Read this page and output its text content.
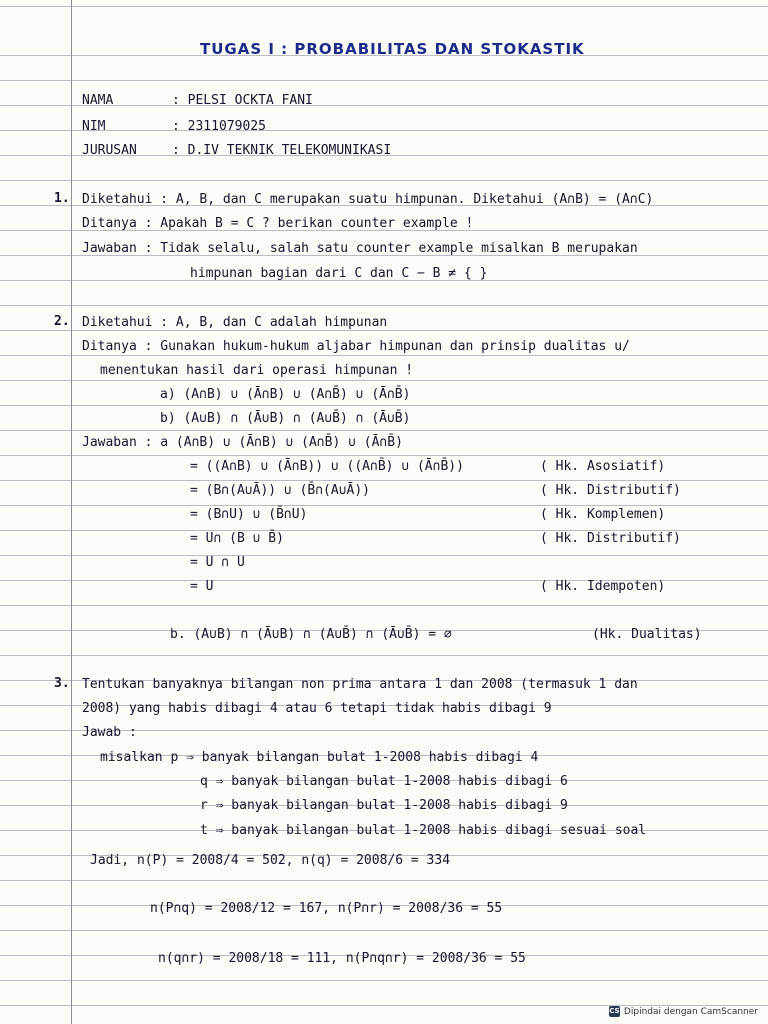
TUGAS I : PROBABILITAS DAN STOKASTIK
NAMA	: PELSI OCKTA FANI
NIM	: 2311079025
JURUSAN	: D.IV TEKNIK TELEKOMUNIKASI
1. Diketahui : A, B, dan C merupakan suatu himpunan. Diketahui (A∩B) = (A∩C)
Ditanya : Apakah B = C ? berikan counter example !
Jawaban : Tidak selalu, salah satu counter example misalkan B merupakan
himpunan bagian dari C dan C − B ≠ { }
2. Diketahui : A, B, dan C adalah himpunan
Ditanya : Gunakan hukum-hukum aljabar himpunan dan prinsip dualitas u/
menentukan hasil dari operasi himpunan !
a) (A∩B) ∪ (Ā∩B) ∪ (A∩B̄) ∪ (Ā∩B̄)
b) (A∪B) ∩ (Ā∪B) ∩ (A∪B̄) ∩ (Ā∪B̄)
Jawaban : a (A∩B) ∪ (Ā∩B) ∪ (A∩B̄) ∪ (Ā∩B̄)
= ((A∩B) ∪ (Ā∩B)) ∪ ((A∩B̄) ∪ (Ā∩B̄))	( Hk. Asosiatif)
= (B∩(A∪Ā)) ∪ (B̄∩(A∪Ā))	( Hk. Distributif)
= (B∩U) ∪ (B̄∩U)	( Hk. Komplemen)
= U∩ (B ∪ B̄)	( Hk. Distributif)
= U ∩ U
= U	( Hk. Idempoten)
b. (A∪B) ∩ (Ā∪B) ∩ (A∪B̄) ∩ (Ā∪B̄) = ∅	(Hk. Dualitas)
3. Tentukan banyaknya bilangan non prima antara 1 dan 2008 (termasuk 1 dan
2008) yang habis dibagi 4 atau 6 tetapi tidak habis dibagi 9
Jawab :
misalkan p ⇒ banyak bilangan bulat 1-2008 habis dibagi 4
q ⇒ banyak bilangan bulat 1-2008 habis dibagi 6
r ⇒ banyak bilangan bulat 1-2008 habis dibagi 9
t ⇒ banyak bilangan bulat 1-2008 habis dibagi sesuai soal
Jadi, n(P) = 2008/4 = 502, n(q) = 2008/6 = 334
n(P∩q) = 2008/12 = 167, n(P∩r) = 2008/36 = 55
n(q∩r) = 2008/18 = 111, n(P∩q∩r) = 2008/36 = 55
CS Dipindai dengan CamScanner
